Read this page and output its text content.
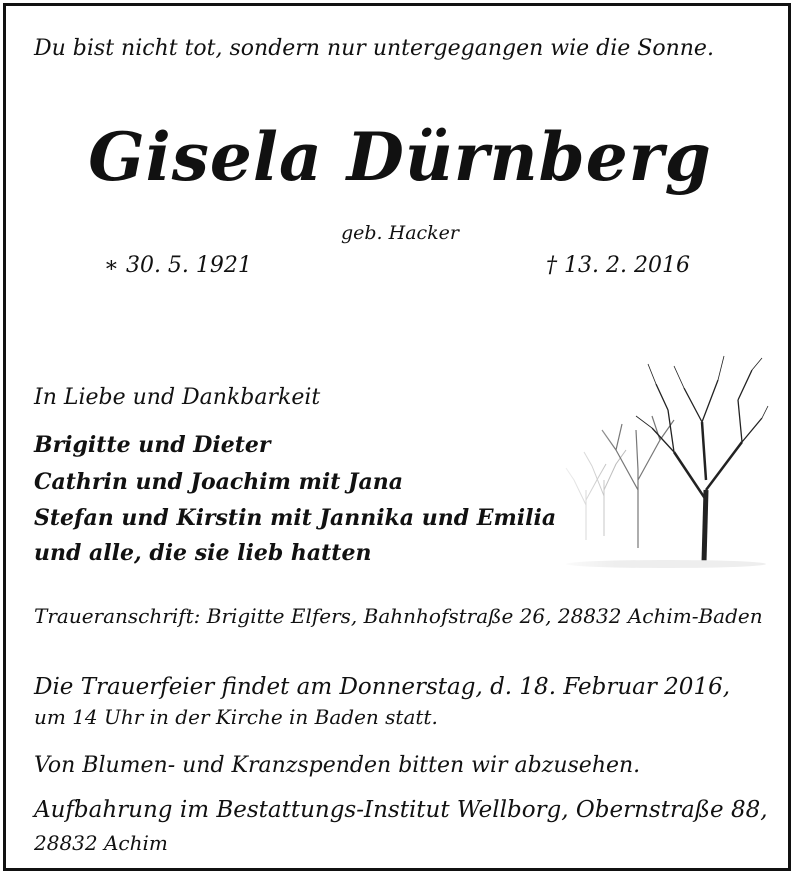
Du bist nicht tot, sondern nur untergegangen wie die Sonne.

Gisela Dürnberg

geb. Hacker

∗ 30. 5. 1921	† 13. 2. 2016

In Liebe und Dankbarkeit

Brigitte und Dieter

Cathrin und Joachim mit Jana

Stefan und Kirstin mit Jannika und Emilia

und alle, die sie lieb hatten

Traueranschrift: Brigitte Elfers, Bahnhofstraße 26, 28832 Achim-Baden

Die Trauerfeier findet am Donnerstag, d. 18. Februar 2016,

um 14 Uhr in der Kirche in Baden statt.

Von Blumen- und Kranzspenden bitten wir abzusehen.

Aufbahrung im Bestattungs-Institut Wellborg, Obernstraße 88,

28832 Achim
